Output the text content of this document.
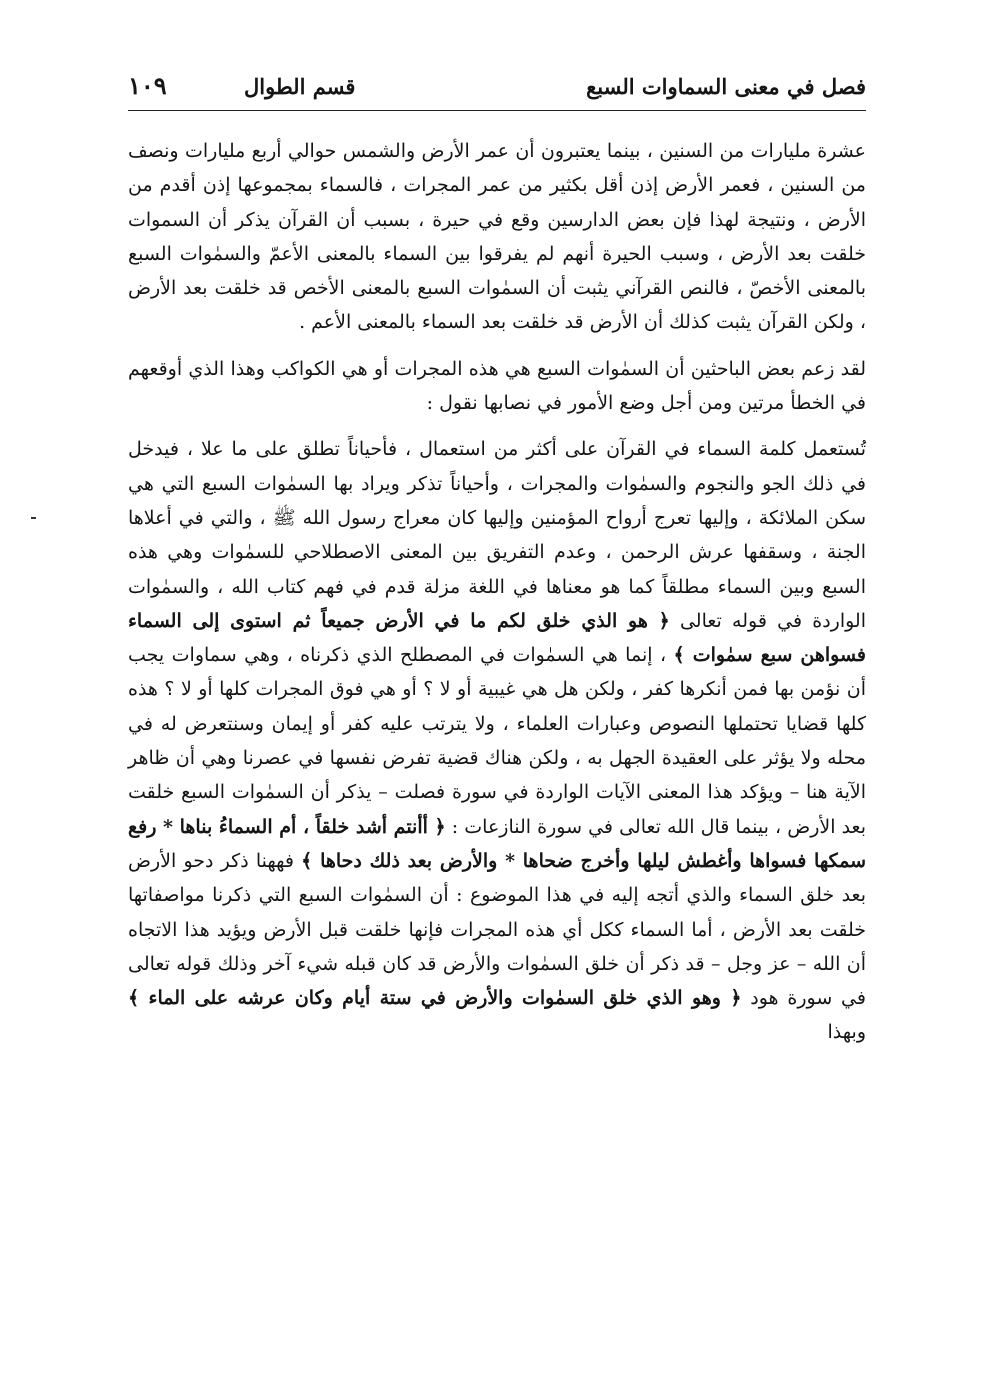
فصل في معنى السماوات السبع
قسم الطوال
١٠٩

عشرة مليارات من السنين ، بينما يعتبرون أن عمر الأرض والشمس حوالي أربع مليارات ونصف من السنين ، فعمر الأرض إذن أقل بكثير من عمر المجرات ، فالسماء بمجموعها إذن أقدم من الأرض ، ونتيجة لهذا فإن بعض الدارسين وقع في حيرة ، بسبب أن القرآن يذكر أن السموات خلقت بعد الأرض ، وسبب الحيرة أنهم لم يفرقوا بين السماء بالمعنى الأعمّ والسمٰوات السبع بالمعنى الأخصّ ، فالنص القرآني يثبت أن السمٰوات السبع بالمعنى الأخص قد خلقت بعد الأرض ، ولكن القرآن يثبت كذلك أن الأرض قد خلقت بعد السماء بالمعنى الأعم .

لقد زعم بعض الباحثين أن السمٰوات السبع هي هذه المجرات أو هي الكواكب وهذا الذي أوقعهم في الخطأ مرتين ومن أجل وضع الأمور في نصابها نقول :

تُستعمل كلمة السماء في القرآن على أكثر من استعمال ، فأحياناً تطلق على ما علا ، فيدخل في ذلك الجو والنجوم والسمٰوات والمجرات ، وأحياناً تذكر ويراد بها السمٰوات السبع التي هي سكن الملائكة ، وإليها تعرج أرواح المؤمنين وإليها كان معراج رسول الله ﷺ ، والتي في أعلاها الجنة ، وسقفها عرش الرحمن ، وعدم التفريق بين المعنى الاصطلاحي للسمٰوات وهي هذه السبع وبين السماء مطلقاً كما هو معناها في اللغة مزلة قدم في فهم كتاب الله ، والسمٰوات الواردة في قوله تعالى ﴿ هو الذي خلق لكم ما في الأرض جميعاً ثم استوى إلى السماء فسواهن سبع سمٰوات ﴾ ، إنما هي السمٰوات في المصطلح الذي ذكرناه ، وهي سماوات يجب أن نؤمن بها فمن أنكرها كفر ، ولكن هل هي غيبية أو لا ؟ أو هي فوق المجرات كلها أو لا ؟ هذه كلها قضايا تحتملها النصوص وعبارات العلماء ، ولا يترتب عليه كفر أو إيمان وسنتعرض له في محله ولا يؤثر على العقيدة الجهل به ، ولكن هناك قضية تفرض نفسها في عصرنا وهي أن ظاهر الآية هنا – ويؤكد هذا المعنى الآيات الواردة في سورة فصلت – يذكر أن السمٰوات السبع خلقت بعد الأرض ، بينما قال الله تعالى في سورة النازعات : ﴿ أأنتم أشد خلقاً ، أم السماءُ بناها * رفع سمكها فسواها وأغطش ليلها وأخرج ضحاها * والأرض بعد ذلك دحاها ﴾ فههنا ذكر دحو الأرض بعد خلق السماء والذي أتجه إليه في هذا الموضوع : أن السمٰوات السبع التي ذكرنا مواصفاتها خلقت بعد الأرض ، أما السماء ككل أي هذه المجرات فإنها خلقت قبل الأرض ويؤيد هذا الاتجاه أن الله – عز وجل – قد ذكر أن خلق السمٰوات والأرض قد كان قبله شيء آخر وذلك قوله تعالى في سورة هود ﴿ وهو الذي خلق السمٰوات والأرض في ستة أيام وكان عرشه على الماء ﴾ وبهذا
